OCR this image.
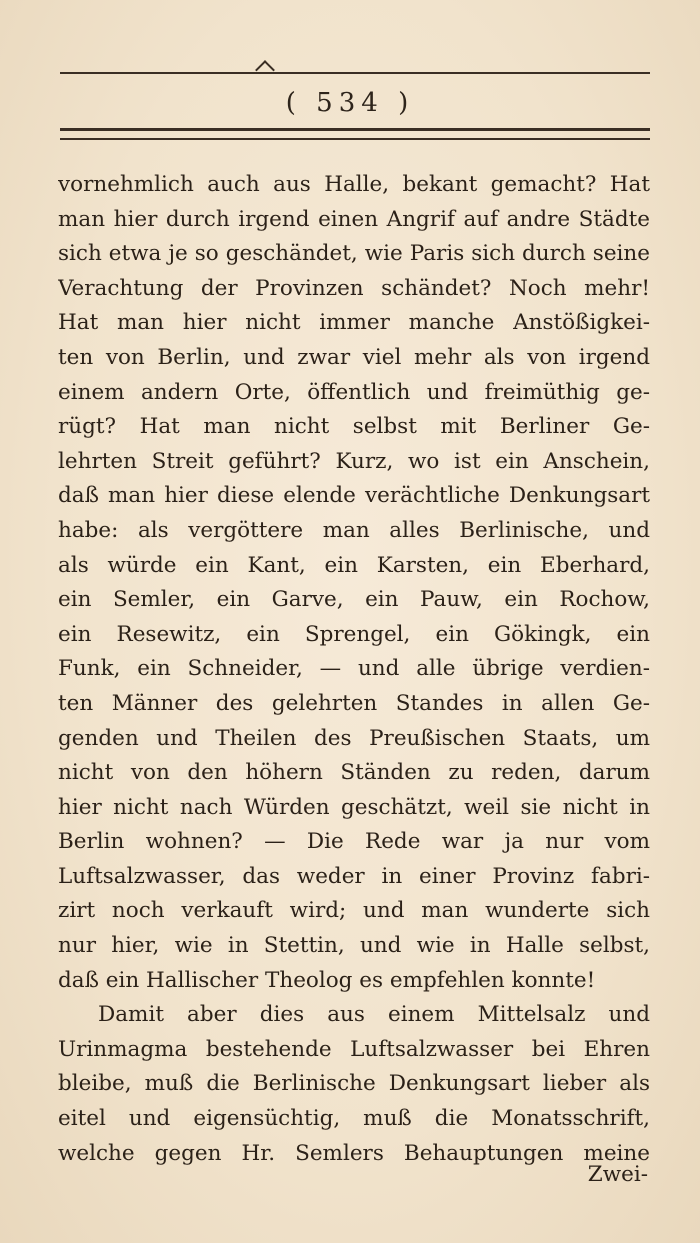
( 534 )
vornehmlich auch aus Halle, bekant gemacht? Hat
man hier durch irgend einen Angrif auf andre Städte
sich etwa je so geschändet, wie Paris sich durch seine
Verachtung der Provinzen schändet? Noch mehr!
Hat man hier nicht immer manche Anstößigkei-
ten von Berlin, und zwar viel mehr als von irgend
einem andern Orte, öffentlich und freimüthig ge-
rügt? Hat man nicht selbst mit Berliner Ge-
lehrten Streit geführt? Kurz, wo ist ein Anschein,
daß man hier diese elende verächtliche Denkungsart
habe: als vergöttere man alles Berlinische, und
als würde ein Kant, ein Karsten, ein Eberhard,
ein Semler, ein Garve, ein Pauw, ein Rochow,
ein Resewitz, ein Sprengel, ein Gökingk, ein
Funk, ein Schneider, — und alle übrige verdien-
ten Männer des gelehrten Standes in allen Ge-
genden und Theilen des Preußischen Staats, um
nicht von den höhern Ständen zu reden, darum
hier nicht nach Würden geschätzt, weil sie nicht in
Berlin wohnen? — Die Rede war ja nur vom
Luftsalzwasser, das weder in einer Provinz fabri-
zirt noch verkauft wird; und man wunderte sich
nur hier, wie in Stettin, und wie in Halle selbst,
daß ein Hallischer Theolog es empfehlen konnte!
Damit aber dies aus einem Mittelsalz und
Urinmagma bestehende Luftsalzwasser bei Ehren
bleibe, muß die Berlinische Denkungsart lieber als
eitel und eigensüchtig, muß die Monatsschrift,
welche gegen Hr. Semlers Behauptungen meine
Zwei-
